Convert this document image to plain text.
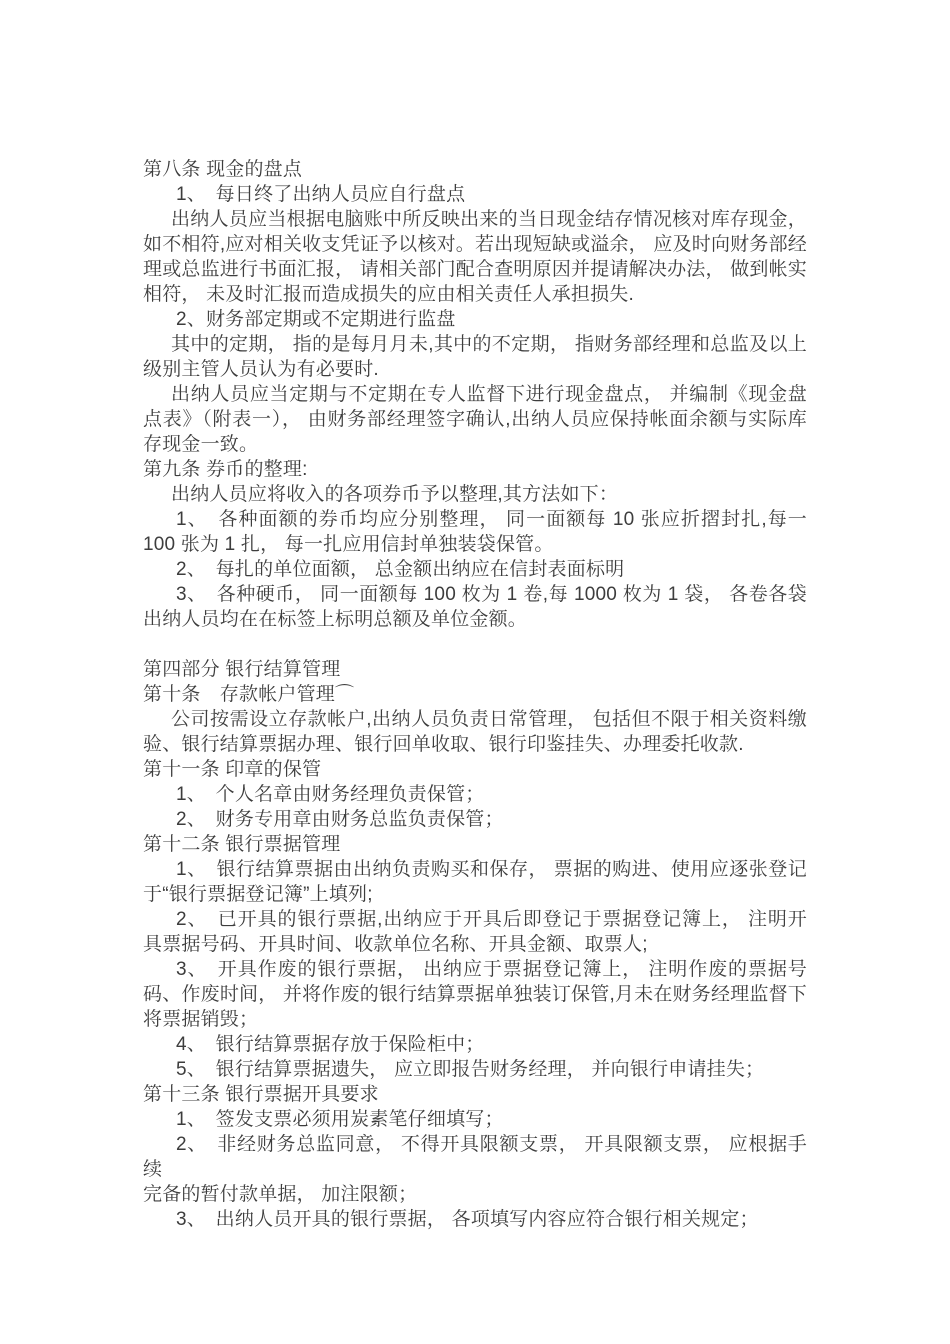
第八条 现金的盘点
1、　每日终了出纳人员应自行盘点
出纳人员应当根据电脑账中所反映出来的当日现金结存情况核对库存现金，
如不相符,应对相关收支凭证予以核对。若出现短缺或溢余， 应及时向财务部经
理或总监进行书面汇报， 请相关部门配合查明原因并提请解决办法， 做到帐实
相符， 未及时汇报而造成损失的应由相关责任人承担损失.
2、财务部定期或不定期进行监盘
其中的定期， 指的是每月月未,其中的不定期， 指财务部经理和总监及以上
级别主管人员认为有必要时.
出纳人员应当定期与不定期在专人监督下进行现金盘点， 并编制《现金盘
点表》（附表一）， 由财务部经理签字确认,出纳人员应保持帐面余额与实际库
存现金一致。
第九条 券币的整理:
出纳人员应将收入的各项券币予以整理,其方法如下：
1、　各种面额的券币均应分别整理， 同一面额每 10 张应折摺封扎,每一
100 张为 1 扎， 每一扎应用信封单独装袋保管。
2、　每扎的单位面额， 总金额出纳应在信封表面标明
3、　各种硬币， 同一面额每 100 枚为 1 卷,每 1000 枚为 1 袋， 各卷各袋
出纳人员均在在标签上标明总额及单位金额。
第四部分 银行结算管理
第十条　存款帐户管理⌒
公司按需设立存款帐户,出纳人员负责日常管理， 包括但不限于相关资料缴
验、银行结算票据办理、银行回单收取、银行印鉴挂失、办理委托收款.
第十一条 印章的保管
1、　个人名章由财务经理负责保管；
2、　财务专用章由财务总监负责保管；
第十二条 银行票据管理
1、　银行结算票据由出纳负责购买和保存， 票据的购进、使用应逐张登记
于“银行票据登记簿”上填列;
2、　已开具的银行票据,出纳应于开具后即登记于票据登记簿上， 注明开
具票据号码、开具时间、收款单位名称、开具金额、取票人;
3、　开具作废的银行票据， 出纳应于票据登记簿上， 注明作废的票据号
码、作废时间， 并将作废的银行结算票据单独装订保管,月未在财务经理监督下
将票据销毁；
4、　银行结算票据存放于保险柜中；
5、　银行结算票据遗失， 应立即报告财务经理， 并向银行申请挂失；
第十三条 银行票据开具要求
1、　签发支票必须用炭素笔仔细填写；
2、　非经财务总监同意， 不得开具限额支票， 开具限额支票， 应根据手续
完备的暂付款单据， 加注限额；
3、　出纳人员开具的银行票据， 各项填写内容应符合银行相关规定；
